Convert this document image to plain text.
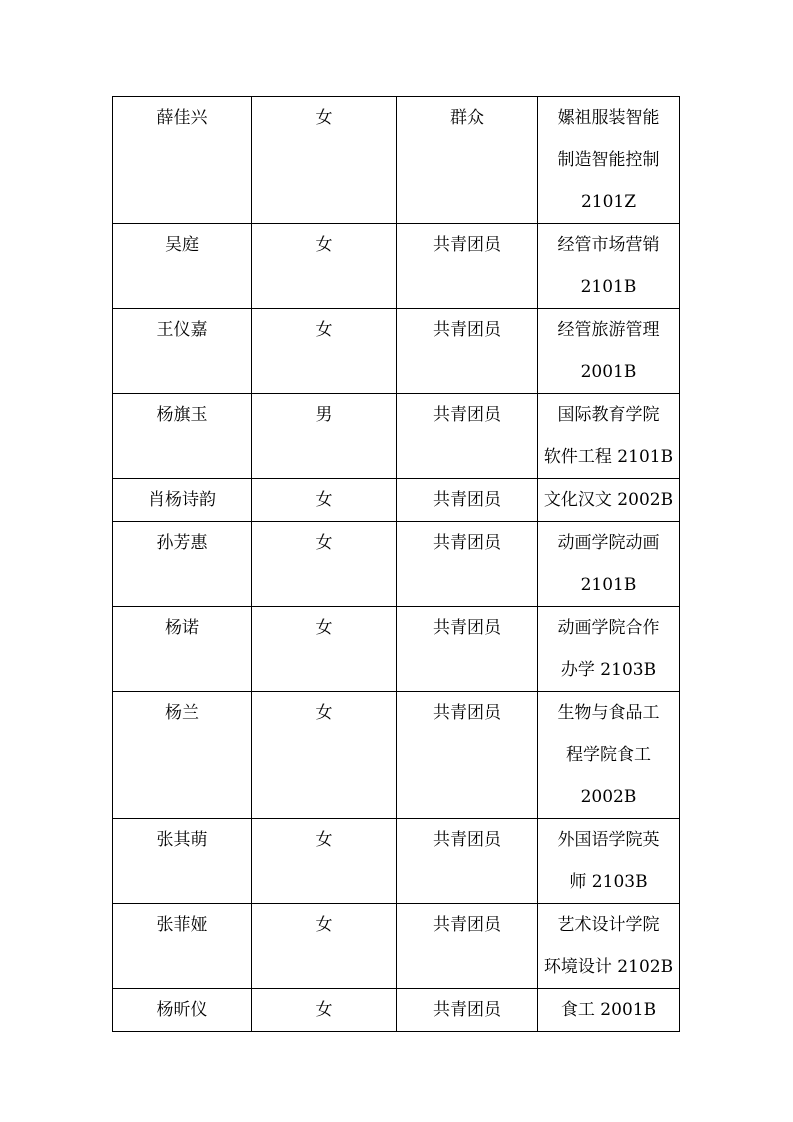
薛佳兴	女	群众	嫘祖服装智能
制造智能控制
2101Z

吴庭	女	共青团员	经管市场营销
2101B

王仪嘉	女	共青团员	经管旅游管理
2001B

杨旗玉	男	共青团员	国际教育学院
软件工程 2101B

肖杨诗韵	女	共青团员	文化汉文 2002B

孙芳惠	女	共青团员	动画学院动画
2101B

杨诺	女	共青团员	动画学院合作
办学 2103B

杨兰	女	共青团员	生物与食品工
程学院食工
2002B

张其萌	女	共青团员	外国语学院英
师 2103B

张菲娅	女	共青团员	艺术设计学院
环境设计 2102B

杨昕仪	女	共青团员	食工 2001B
